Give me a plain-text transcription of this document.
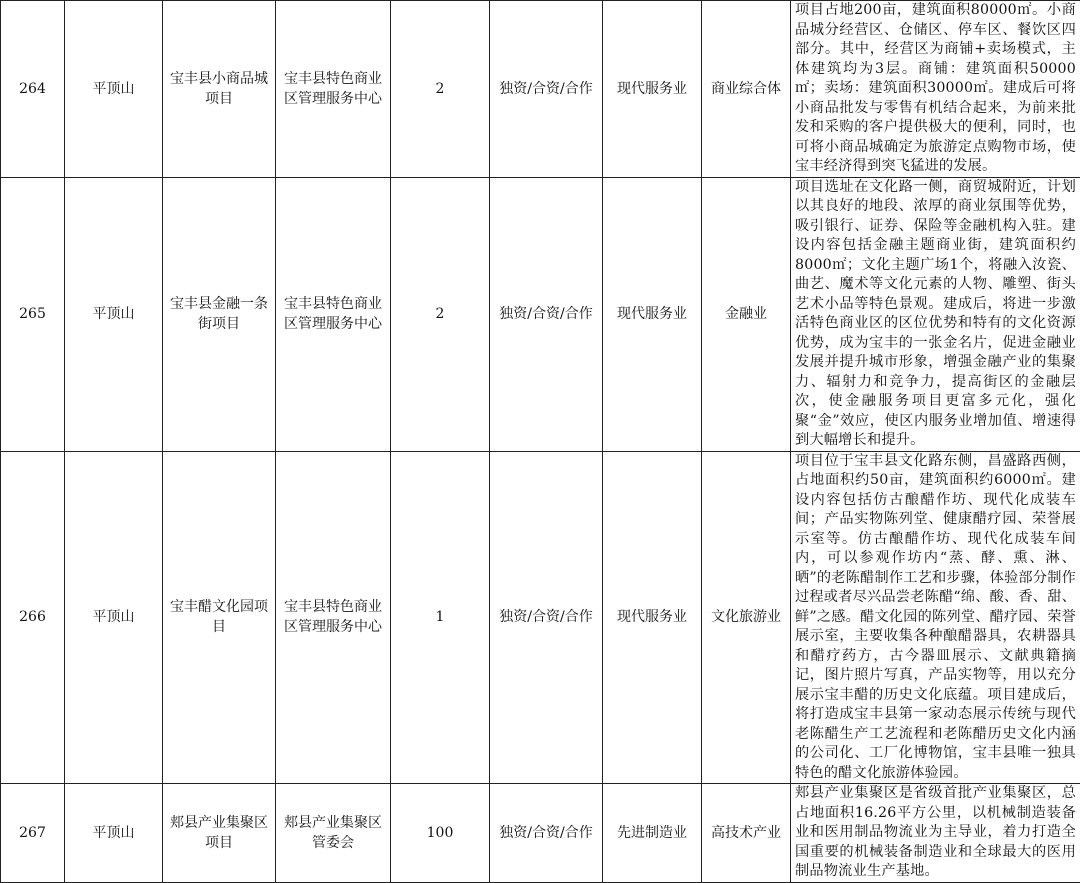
264	平顶山	宝丰县小商品城项目	宝丰县特色商业区管理服务中心	2	独资/合资/合作	现代服务业	商业综合体	项目占地200亩，建筑面积80000㎡。小商品城分经营区、仓储区、停车区、餐饮区四部分。其中，经营区为商铺+卖场模式，主体建筑均为3层。商铺：建筑面积50000㎡；卖场：建筑面积30000㎡。建成后可将小商品批发与零售有机结合起来，为前来批发和采购的客户提供极大的便利，同时，也可将小商品城确定为旅游定点购物市场，使宝丰经济得到突飞猛进的发展。
265	平顶山	宝丰县金融一条街项目	宝丰县特色商业区管理服务中心	2	独资/合资/合作	现代服务业	金融业	项目选址在文化路一侧，商贸城附近，计划以其良好的地段、浓厚的商业氛围等优势，吸引银行、证券、保险等金融机构入驻。建设内容包括金融主题商业街，建筑面积约8000㎡；文化主题广场1个，将融入汝瓷、曲艺、魔术等文化元素的人物、雕塑、街头艺术小品等特色景观。建成后，将进一步激活特色商业区的区位优势和特有的文化资源优势，成为宝丰的一张金名片，促进金融业发展并提升城市形象，增强金融产业的集聚力、辐射力和竞争力，提高街区的金融层次，使金融服务项目更富多元化，强化聚“金”效应，使区内服务业增加值、增速得到大幅增长和提升。
266	平顶山	宝丰醋文化园项目	宝丰县特色商业区管理服务中心	1	独资/合资/合作	现代服务业	文化旅游业	项目位于宝丰县文化路东侧，昌盛路西侧，占地面积约50亩，建筑面积约6000㎡。建设内容包括仿古酿醋作坊、现代化成装车间；产品实物陈列堂、健康醋疗园、荣誉展示室等。仿古酿醋作坊、现代化成装车间内，可以参观作坊内“蒸、酵、熏、淋、晒”的老陈醋制作工艺和步骤，体验部分制作过程或者尽兴品尝老陈醋“绵、酸、香、甜、鲜”之感。醋文化园的陈列堂、醋疗园、荣誉展示室，主要收集各种酿醋器具，农耕器具和醋疗药方，古今器皿展示、文献典籍摘记，图片照片写真，产品实物等，用以充分展示宝丰醋的历史文化底蕴。项目建成后，将打造成宝丰县第一家动态展示传统与现代老陈醋生产工艺流程和老陈醋历史文化内涵的公司化、工厂化博物馆，宝丰县唯一独具特色的醋文化旅游体验园。
267	平顶山	郏县产业集聚区项目	郏县产业集聚区管委会	100	独资/合资/合作	先进制造业	高技术产业	郏县产业集聚区是省级首批产业集聚区，总占地面积16.26平方公里，以机械制造装备业和医用制品物流业为主导业，着力打造全国重要的机械装备制造业和全球最大的医用制品物流业生产基地。
